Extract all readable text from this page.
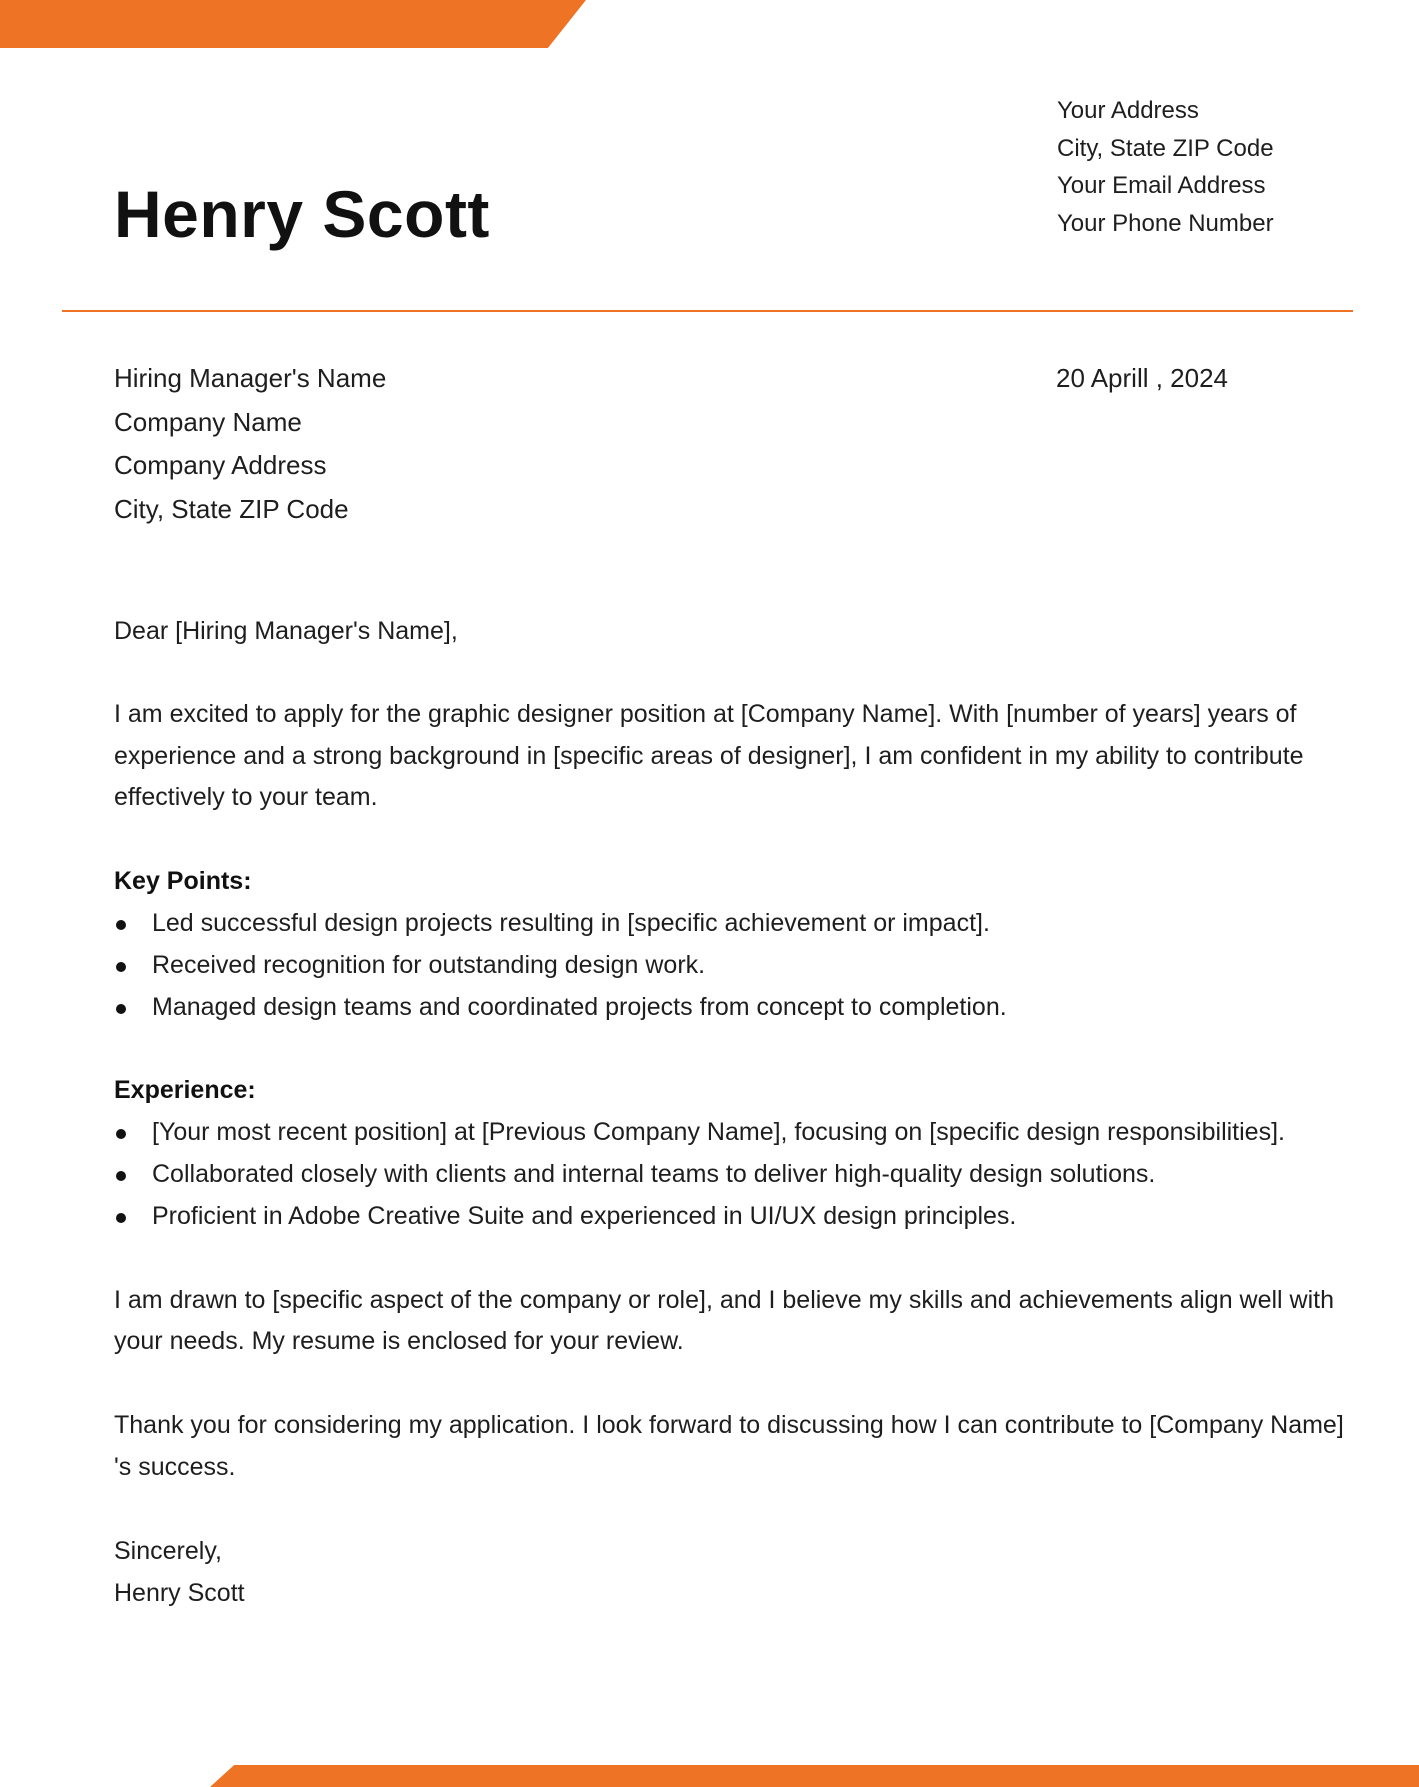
Henry Scott
Your Address
City, State ZIP Code
Your Email Address
Your Phone Number
Hiring Manager's Name
Company Name
Company Address
City, State ZIP Code
20 Aprill , 2024

Dear [Hiring Manager's Name],

I am excited to apply for the graphic designer position at [Company Name]. With [number of years] years of experience and a strong background in [specific areas of designer], I am confident in my ability to contribute effectively to your team.

Key Points:
Led successful design projects resulting in [specific achievement or impact].
Received recognition for outstanding design work.
Managed design teams and coordinated projects from concept to completion.
Experience:
[Your most recent position] at [Previous Company Name], focusing on [specific design responsibilities].
Collaborated closely with clients and internal teams to deliver high-quality design solutions.
Proficient in Adobe Creative Suite and experienced in UI/UX design principles.

I am drawn to [specific aspect of the company or role], and I believe my skills and achievements align well with your needs. My resume is enclosed for your review.

Thank you for considering my application. I look forward to discussing how I can contribute to [Company Name] 's success.

Sincerely,
Henry Scott
